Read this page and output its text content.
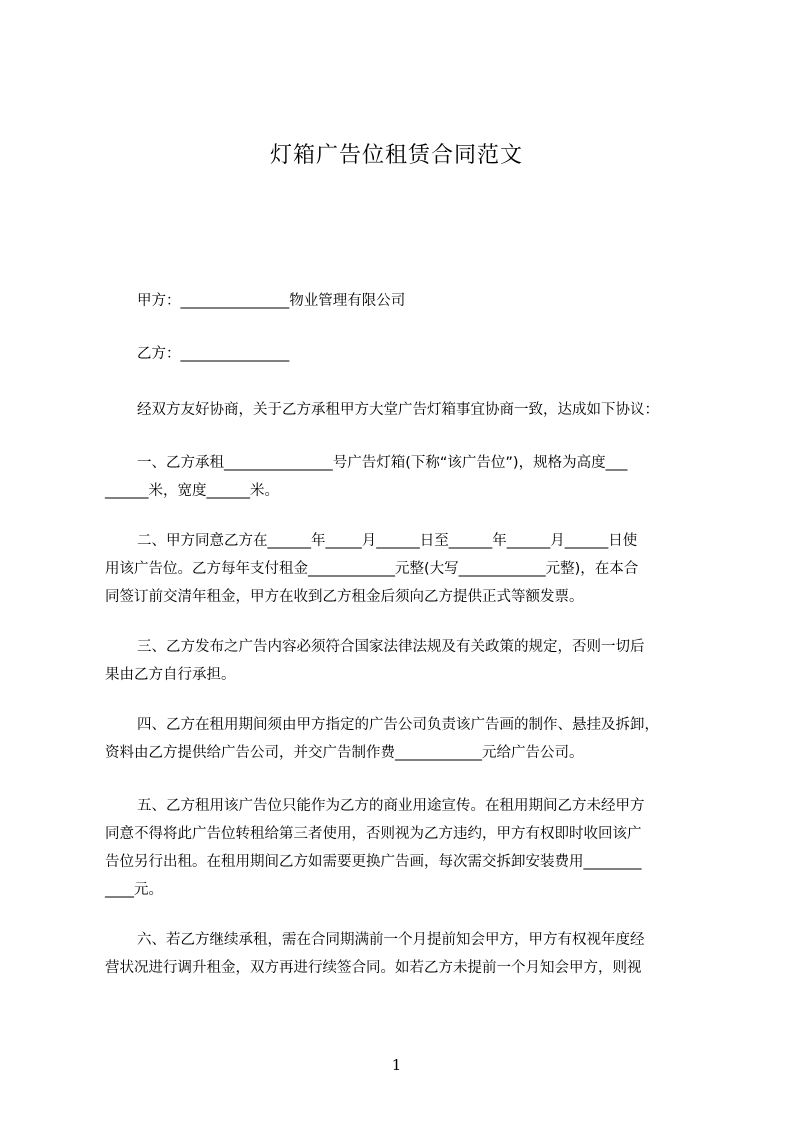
灯箱广告位租赁合同范文
甲方：_______________物业管理有限公司
乙方：_______________
经双方友好协商，关于乙方承租甲方大堂广告灯箱事宜协商一致，达成如下协议：
一、乙方承租_______________号广告灯箱(下称“该广告位”)，规格为高度___
______米，宽度______米。
二、甲方同意乙方在______年_____月______日至______年______月______日使
用该广告位。乙方每年支付租金____________元整(大写____________元整)，在本合
同签订前交清年租金，甲方在收到乙方租金后须向乙方提供正式等额发票。
三、乙方发布之广告内容必须符合国家法律法规及有关政策的规定，否则一切后
果由乙方自行承担。
四、乙方在租用期间须由甲方指定的广告公司负责该广告画的制作、悬挂及拆卸，
资料由乙方提供给广告公司，并交广告制作费____________元给广告公司。
五、乙方租用该广告位只能作为乙方的商业用途宣传。在租用期间乙方未经甲方
同意不得将此广告位转租给第三者使用，否则视为乙方违约，甲方有权即时收回该广
告位另行出租。在租用期间乙方如需要更换广告画，每次需交拆卸安装费用________
____元。
六、若乙方继续承租，需在合同期满前一个月提前知会甲方，甲方有权视年度经
营状况进行调升租金，双方再进行续签合同。如若乙方未提前一个月知会甲方，则视
1
